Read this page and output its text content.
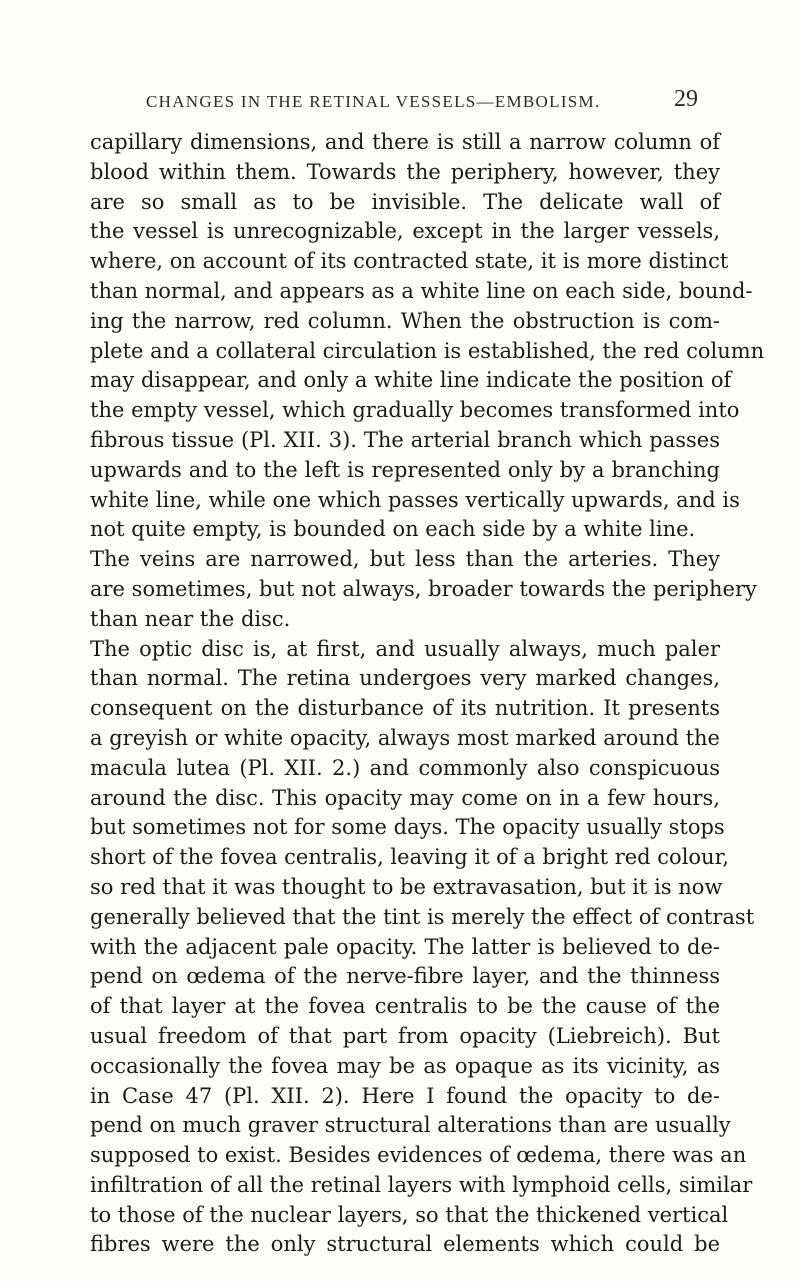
CHANGES IN THE RETINAL VESSELS—EMBOLISM.	29
capillary dimensions, and there is still a narrow column of
blood within them. Towards the periphery, however, they
are so small as to be invisible. The delicate wall of
the vessel is unrecognizable, except in the larger vessels,
where, on account of its contracted state, it is more distinct
than normal, and appears as a white line on each side, bound-
ing the narrow, red column. When the obstruction is com-
plete and a collateral circulation is established, the red column
may disappear, and only a white line indicate the position of
the empty vessel, which gradually becomes transformed into
fibrous tissue (Pl. XII. 3). The arterial branch which passes
upwards and to the left is represented only by a branching
white line, while one which passes vertically upwards, and is
not quite empty, is bounded on each side by a white line.
The veins are narrowed, but less than the arteries. They
are sometimes, but not always, broader towards the periphery
than near the disc.
The optic disc is, at first, and usually always, much paler
than normal. The retina undergoes very marked changes,
consequent on the disturbance of its nutrition. It presents
a greyish or white opacity, always most marked around the
macula lutea (Pl. XII. 2.) and commonly also conspicuous
around the disc. This opacity may come on in a few hours,
but sometimes not for some days. The opacity usually stops
short of the fovea centralis, leaving it of a bright red colour,
so red that it was thought to be extravasation, but it is now
generally believed that the tint is merely the effect of contrast
with the adjacent pale opacity. The latter is believed to de-
pend on œdema of the nerve-fibre layer, and the thinness
of that layer at the fovea centralis to be the cause of the
usual freedom of that part from opacity (Liebreich). But
occasionally the fovea may be as opaque as its vicinity, as
in Case 47 (Pl. XII. 2). Here I found the opacity to de-
pend on much graver structural alterations than are usually
supposed to exist. Besides evidences of œdema, there was an
infiltration of all the retinal layers with lymphoid cells, similar
to those of the nuclear layers, so that the thickened vertical
fibres were the only structural elements which could be
